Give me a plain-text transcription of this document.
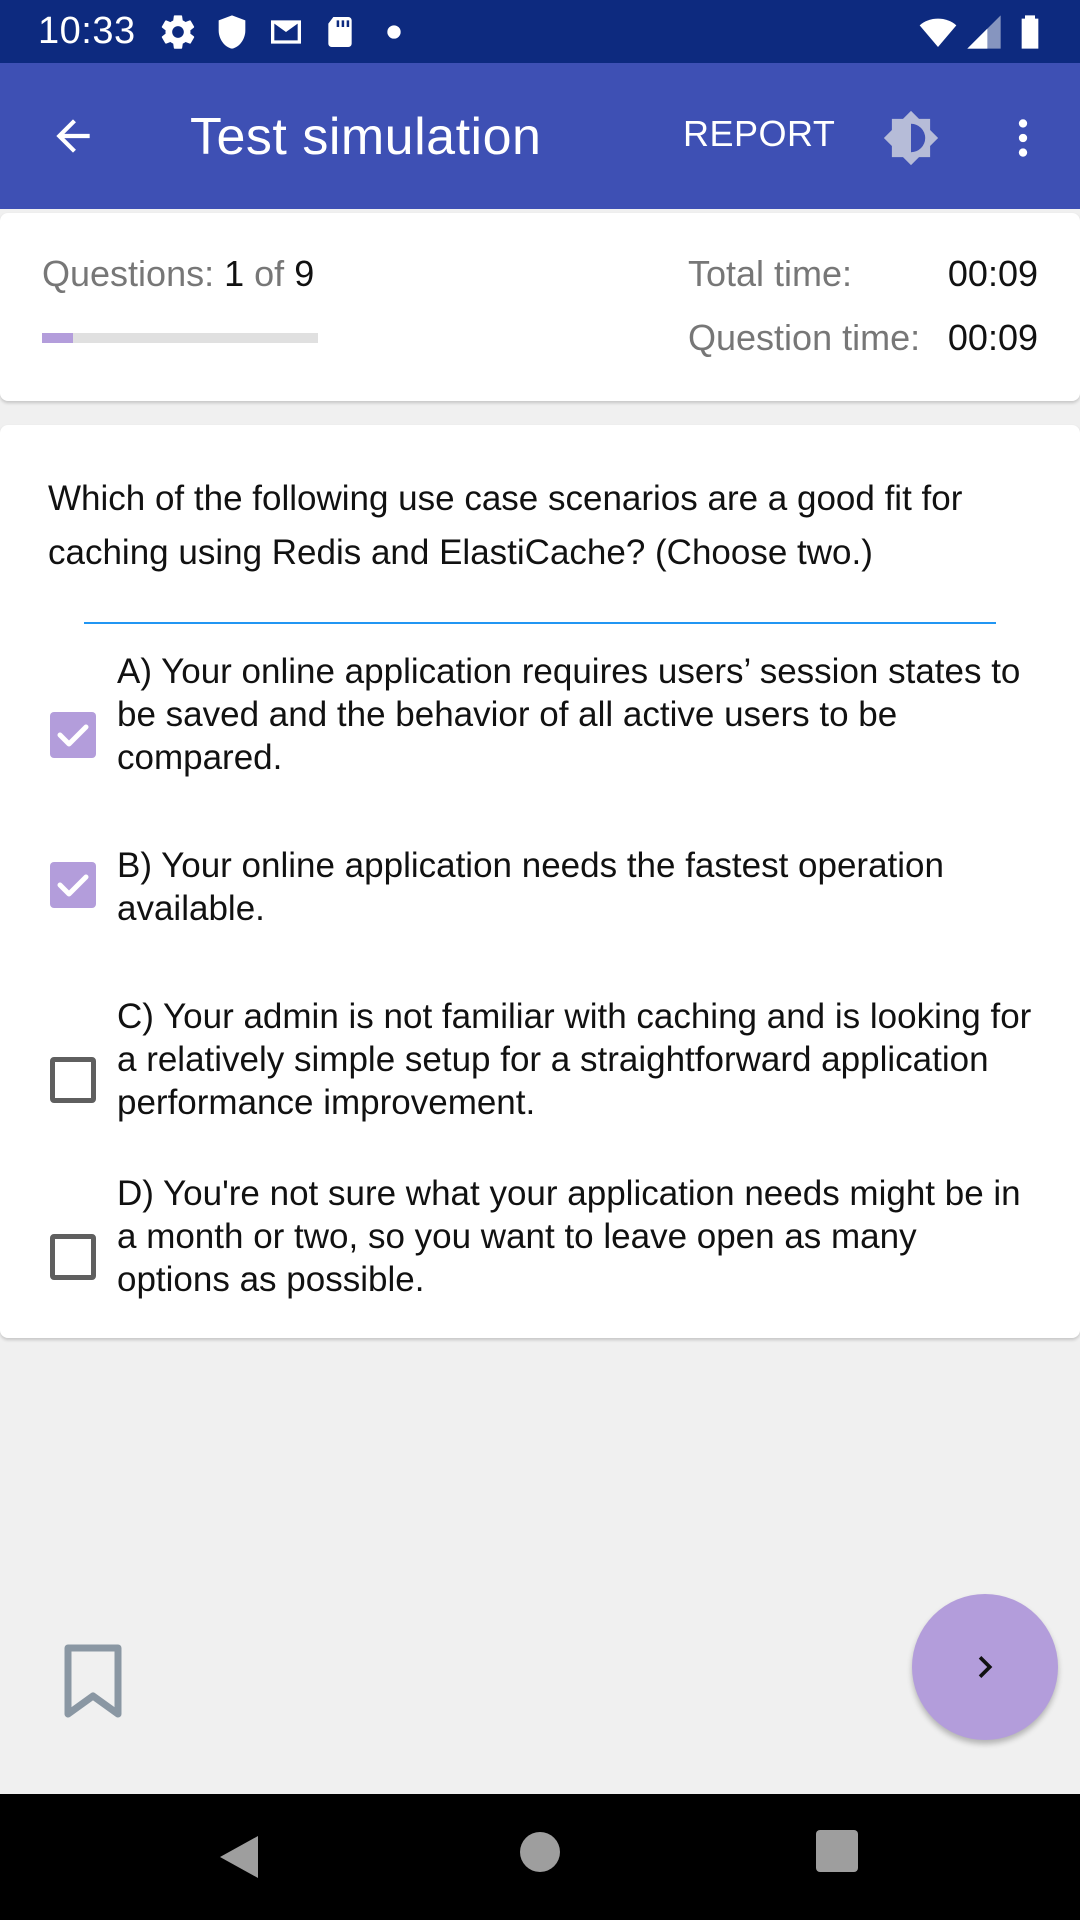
10:33
Test simulation	REPORT
Questions: 1 of 9	Total time:	00:09
Question time: 00:09
Which of the following use case scenarios are a good fit for caching using Redis and ElastiCache? (Choose two.)
A) Your online application requires users’ session states to be saved and the behavior of all active users to be compared.
B) Your online application needs the fastest operation available.
C) Your admin is not familiar with caching and is looking for a relatively simple setup for a straightforward application performance improvement.
D) You're not sure what your application needs might be in a month or two, so you want to leave open as many options as possible.
